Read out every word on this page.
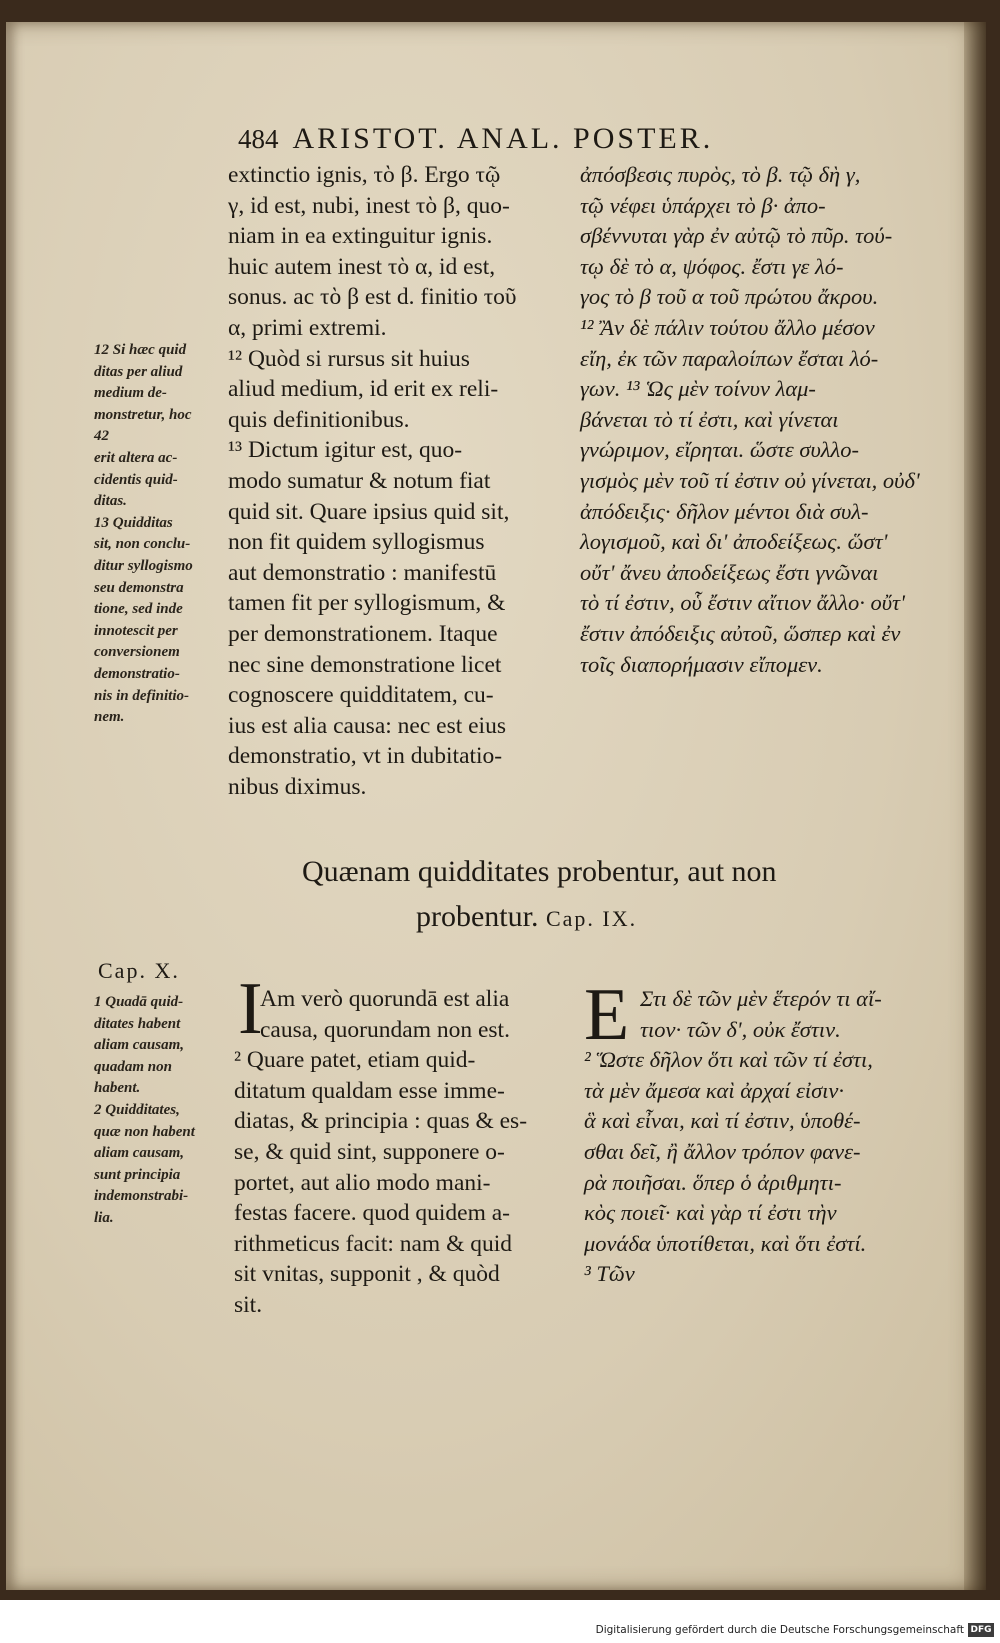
484 ARISTOT. ANAL. POSTER.
12 Si hæc quid
ditas per aliud
medium de-
monstretur, hoc
42
erit altera ac-
cidentis quid-
ditas.
13 Quidditas
sit, non conclu-
ditur syllogismo
seu demonstra
tione, sed inde
innotescit per
conversionem
demonstratio-
nis in definitio-
nem.
extinctio ignis, τὸ β. Ergo τῷ
γ, id est, nubi, inest τὸ β, quo-
niam in ea extinguitur ignis.
huic autem inest τὸ α, id est,
sonus. ac τὸ β est d. finitio τοῦ
α, primi extremi.
¹² Quòd si rursus sit huius
aliud medium, id erit ex reli-
quis definitionibus.
¹³ Dictum igitur est, quo-
modo sumatur & notum fiat
quid sit. Quare ipsius quid sit,
non fit quidem syllogismus
aut demonstratio : manifestū
tamen fit per syllogismum, &
per demonstrationem. Itaque
nec sine demonstratione licet
cognoscere quidditatem, cu-
ius est alia causa: nec est eius
demonstratio, vt in dubitatio-
nibus diximus.
ἀπόσβεσις πυρὸς, τὸ β. τῷ δὴ γ,
τῷ νέφει ὑπάρχει τὸ β· ἀπο-
σβέννυται γὰρ ἐν αὐτῷ τὸ πῦρ. τού-
τῳ δὲ τὸ α, ψόφος. ἔστι γε λό-
γος τὸ β τοῦ α τοῦ πρώτου ἄκρου.
¹² Ἂν δὲ πάλιν τούτου ἄλλο μέσον
εἴη, ἐκ τῶν παραλοίπων ἔσται λό-
γων. ¹³ Ὡς μὲν τοίνυν λαμ-
βάνεται τὸ τί ἐστι, καὶ γίνεται
γνώριμον, εἴρηται. ὥστε συλλο-
γισμὸς μὲν τοῦ τί ἐστιν οὐ γίνεται, οὐδ'
ἀπόδειξις· δῆλον μέντοι διὰ συλ-
λογισμοῦ, καὶ δι' ἀποδείξεως. ὥστ'
οὔτ' ἄνευ ἀποδείξεως ἔστι γνῶναι
τὸ τί ἐστιν, οὗ ἔστιν αἴτιον ἄλλο· οὔτ'
ἔστιν ἀπόδειξις αὐτοῦ, ὥσπερ καὶ ἐν
τοῖς διαπορήμασιν εἴπομεν.
Quænam quidditates probentur, aut non
probentur. Cap. IX.
Cap. X.
1 Quadā quid-
ditates habent
aliam causam,
quadam non
habent.
2 Quidditates,
quæ non habent
aliam causam,
sunt principia
indemonstrabi-
lia.
I
Am verò quorundā est alia
causa, quorundam non est.
² Quare patet, etiam quid-
ditatum qualdam esse imme-
diatas, & principia : quas & es-
se, & quid sint, supponere o-
portet, aut alio modo mani-
festas facere. quod quidem a-
rithmeticus facit: nam & quid
sit vnitas, supponit , & quòd
sit.
E Στι δὲ τῶν μὲν ἕτερόν τι αἴ-
τιον· τῶν δ', οὐκ ἔστιν.
² Ὥστε δῆλον ὅτι καὶ τῶν τί ἐστι,
τὰ μὲν ἄμεσα καὶ ἀρχαί εἰσιν·
ἃ καὶ εἶναι, καὶ τί ἐστιν, ὑποθέ-
σθαι δεῖ, ἢ ἄλλον τρόπον φανε-
ρὰ ποιῆσαι. ὅπερ ὁ ἀριθμητι-
κὸς ποιεῖ· καὶ γὰρ τί ἐστι τὴν
μονάδα ὑποτίθεται, καὶ ὅτι ἐστί.
³ Τῶν
Digitalisierung gefördert durch die Deutsche Forschungsgemeinschaft DFG
